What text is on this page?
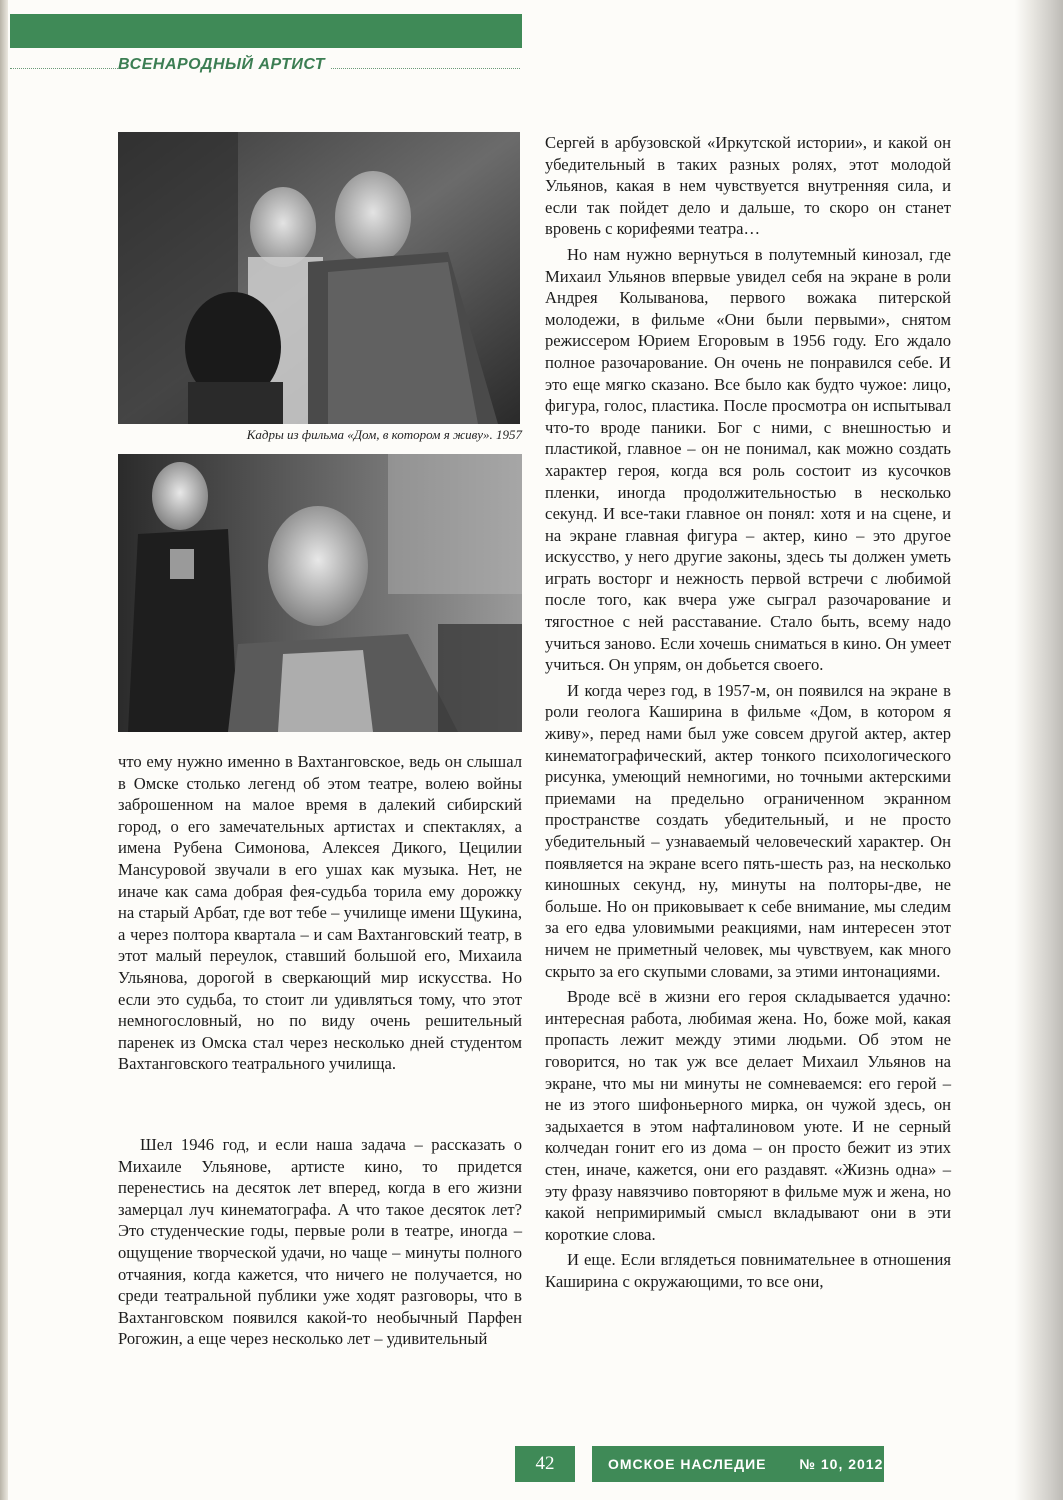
ВСЕНАРОДНЫЙ АРТИСТ
Кадры из фильма «Дом, в котором я живу». 1957

что ему нужно именно в Вахтанговское, ведь он слышал в Омске столько легенд об этом театре, волею войны заброшенном на малое время в далекий сибирский город, о его замечательных артистах и спектаклях, а имена Рубена Симонова, Алексея Дикого, Цецилии Мансуровой звучали в его ушах как музыка. Нет, не иначе как сама добрая фея-судьба торила ему дорожку на старый Арбат, где вот тебе – училище имени Щукина, а через полтора квартала – и сам Вахтанговский театр, в этот малый переулок, ставший большой его, Михаила Ульянова, дорогой в сверкающий мир искусства. Но если это судьба, то стоит ли удивляться тому, что этот немногословный, но по виду очень решительный паренек из Омска стал через несколько дней студентом Вахтанговского театрального училища.

Шел 1946 год, и если наша задача – рассказать о Михаиле Ульянове, артисте кино, то придется перенестись на десяток лет вперед, когда в его жизни замерцал луч кинематографа. А что такое десяток лет? Это студенческие годы, первые роли в театре, иногда – ощущение творческой удачи, но чаще – минуты полного отчаяния, когда кажется, что ничего не получается, но среди театральной публики уже ходят разговоры, что в Вахтанговском появился какой-то необычный Парфен Рогожин, а еще через несколько лет – удивительный

Сергей в арбузовской «Иркутской истории», и какой он убедительный в таких разных ролях, этот молодой Ульянов, какая в нем чувствуется внутренняя сила, и если так пойдет дело и дальше, то скоро он станет вровень с корифеями театра…

Но нам нужно вернуться в полутемный кинозал, где Михаил Ульянов впервые увидел себя на экране в роли Андрея Колыванова, первого вожака питерской молодежи, в фильме «Они были первыми», снятом режиссером Юрием Егоровым в 1956 году. Его ждало полное разочарование. Он очень не понравился себе. И это еще мягко сказано. Все было как будто чужое: лицо, фигура, голос, пластика. После просмотра он испытывал что-то вроде паники. Бог с ними, с внешностью и пластикой, главное – он не понимал, как можно создать характер героя, когда вся роль состоит из кусочков пленки, иногда продолжительностью в несколько секунд. И все-таки главное он понял: хотя и на сцене, и на экране главная фигура – актер, кино – это другое искусство, у него другие законы, здесь ты должен уметь играть восторг и нежность первой встречи с любимой после того, как вчера уже сыграл разочарование и тягостное с ней расставание. Стало быть, всему надо учиться заново. Если хочешь сниматься в кино. Он умеет учиться. Он упрям, он добьется своего.

И когда через год, в 1957-м, он появился на экране в роли геолога Каширина в фильме «Дом, в котором я живу», перед нами был уже совсем другой актер, актер кинематографический, актер тонкого психологического рисунка, умеющий немногими, но точными актерскими приемами на предельно ограниченном экранном пространстве создать убедительный, и не просто убедительный – узнаваемый человеческий характер. Он появляется на экране всего пять-шесть раз, на несколько киношных секунд, ну, минуты на полторы-две, не больше. Но он приковывает к себе внимание, мы следим за его едва уловимыми реакциями, нам интересен этот ничем не приметный человек, мы чувствуем, как много скрыто за его скупыми словами, за этими интонациями.

Вроде всё в жизни его героя складывается удачно: интересная работа, любимая жена. Но, боже мой, какая пропасть лежит между этими людьми. Об этом не говорится, но так уж все делает Михаил Ульянов на экране, что мы ни минуты не сомневаемся: его герой – не из этого шифоньерного мирка, он чужой здесь, он задыхается в этом нафталиновом уюте. И не серный колчедан гонит его из дома – он просто бежит из этих стен, иначе, кажется, они его раздавят. «Жизнь одна» – эту фразу навязчиво повторяют в фильме муж и жена, но какой непримиримый смысл вкладывают они в эти короткие слова.

И еще. Если вглядеться повнимательнее в отношения Каширина с окружающими, то все они,

42	ОМСКОЕ НАСЛЕДИЕ № 10, 2012
